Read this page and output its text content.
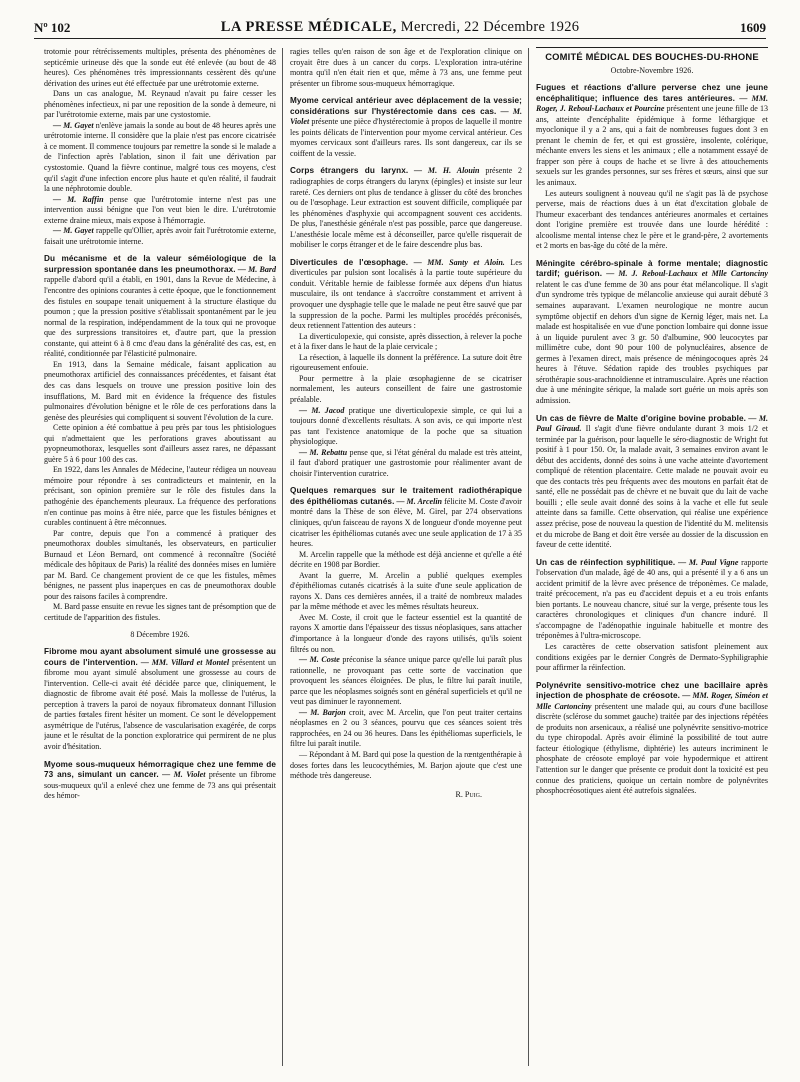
Nº 102	LA PRESSE MÉDICALE, Mercredi, 22 Décembre 1926	1609

trotomie pour rétrécissements multiples, présenta des phénomènes de septicémie urineuse dès que la sonde eut été enlevée (au bout de 48 heures). Ces phénomènes très impressionnants cessèrent dès qu'une dérivation des urines eut été effectuée par une urétrotomie externe.

Dans un cas analogue, M. Reynaud n'avait pu faire cesser les phénomènes infectieux, ni par une reposition de la sonde à demeure, ni par l'urétrotomie externe, mais par une cystostomie.

— M. Gayet n'enlève jamais la sonde au bout de 48 heures après une urétrotomie interne. Il considère que la plaie n'est pas encore cicatrisée à ce moment. Il commence toujours par remettre la sonde si le malade a de l'infection après l'ablation, sinon il fait une dérivation par cystostomie. Quand la fièvre continue, malgré tous ces moyens, c'est qu'il s'agit d'une infection encore plus haute et qu'en réalité, il faudrait la une néphrotomie double.

— M. Raffin pense que l'urétrotomie interne n'est pas une intervention aussi bénigne que l'on veut bien le dire. L'urétrotomie externe draine mieux, mais expose à l'hémorragie.

— M. Gayet rappelle qu'Ollier, après avoir fait l'urétrotomie externe, faisait une urétrotomie interne.

Du mécanisme et de la valeur séméiologique de la surpression spontanée dans les pneumothorax. — M. Bard rappelle d'abord qu'il a établi, en 1901, dans la Revue de Médecine, à l'encontre des opinions courantes à cette époque, que le fonctionnement des fistules en soupape tenait uniquement à la structure élastique du poumon ; que la pression positive s'établissait spontanément par le jeu normal de la respiration, indépendamment de la toux qui ne provoque que des surpressions transitoires et, d'autre part, que la pression constante, qui atteint 6 à 8 cmc d'eau dans la généralité des cas, est, en réalité, conditionnée par l'élasticité pulmonaire.

En 1913, dans la Semaine médicale, faisant application au pneumothorax artificiel des connaissances précédentes, et faisant état des cas dans lesquels on trouve une pression positive loin des insufflations, M. Bard mit en évidence la fréquence des fistules pulmonaires d'évolution bénigne et le rôle de ces perforations dans la genèse des pleurésies qui compliquent si souvent l'évolution de la cure.

Cette opinion a été combattue à peu près par tous les phtisiologues qui n'admettaient que les perforations graves aboutissant au pyopneumothorax, lesquelles sont d'ailleurs assez rares, ne dépassant guère 5 à 6 pour 100 des cas.

En 1922, dans les Annales de Médecine, l'auteur rédigea un nouveau mémoire pour répondre à ses contradicteurs et maintenir, en la précisant, son opinion première sur le rôle des fistules dans la pathogénie des épanchements pleuraux. La fréquence des perforations n'en continue pas moins à être niée, parce que les fistules bénignes et curables continuent à être méconnues.

Par contre, depuis que l'on a commencé à pratiquer des pneumothorax doubles simultanés, les observateurs, en particulier Burnaud et Léon Bernard, ont commencé à reconnaître (Société médicale des hôpitaux de Paris) la réalité des données mises en lumière par M. Bard. Ce changement provient de ce que les fistules, mêmes bénignes, ne passent plus inaperçues en cas de pneumothorax double pour des raisons faciles à comprendre.

M. Bard passe ensuite en revue les signes tant de présomption que de certitude de l'apparition des fistules.

8 Décembre 1926.

Fibrome mou ayant absolument simulé une grossesse au cours de l'intervention. — MM. Villard et Montel présentent un fibrome mou ayant simulé absolument une grossesse au cours de l'intervention. Celle-ci avait été décidée parce que, cliniquement, le diagnostic de fibrome avait été posé. Mais la mollesse de l'utérus, la perception à travers la paroi de noyaux fibromateux donnant l'illusion de parties fœtales firent hésiter un moment. Ce sont le développement asymétrique de l'utérus, l'absence de vascularisation exagérée, de corps jaune et le résultat de la ponction exploratrice qui permirent de ne plus avoir d'hésitation.

Myome sous-muqueux hémorragique chez une femme de 73 ans, simulant un cancer. — M. Violet présente un fibrome sous-muqueux qu'il a enlevé chez une femme de 73 ans qui présentait des hémor-

ragies telles qu'en raison de son âge et de l'exploration clinique on croyait être dues à un cancer du corps. L'exploration intra-utérine montra qu'il n'en était rien et que, même à 73 ans, une femme peut présenter un fibrome sous-muqueux hémorragique.

Myome cervical antérieur avec déplacement de la vessie; considérations sur l'hystérectomie dans ces cas. — M. Violet présente une pièce d'hystérectomie à propos de laquelle il montre les points délicats de l'intervention pour myome cervical antérieur. Ces myomes cervicaux sont d'ailleurs rares. Ils sont dangereux, car ils se coiffent de la vessie.

Corps étrangers du larynx. — M. H. Alouin présente 2 radiographies de corps étrangers du larynx (épingles) et insiste sur leur rareté. Ces derniers ont plus de tendance à glisser du côté des bronches ou de l'œsophage. Leur extraction est souvent difficile, compliquée par les phénomènes d'asphyxie qui accompagnent souvent ces accidents. De plus, l'anesthésie générale n'est pas possible, parce que dangereuse. L'anesthésie locale même est à déconseiller, parce qu'elle risquerait de mobiliser le corps étranger et de le faire descendre plus bas.

Diverticules de l'œsophage. — MM. Santy et Aloin. Les diverticules par pulsion sont localisés à la partie toute supérieure du conduit. Véritable hernie de faiblesse formée aux dépens d'un hiatus musculaire, ils ont tendance à s'accroître constamment et arrivent à provoquer une dysphagie telle que le malade ne peut être sauvé que par la suppression de la poche. Parmi les multiples procédés préconisés, deux retiennent l'attention des auteurs :

La diverticulopexie, qui consiste, après dissection, à relever la poche et à la fixer dans le haut de la plaie cervicale ;

La résection, à laquelle ils donnent la préférence. La suture doit être rigoureusement enfouie.

Pour permettre à la plaie œsophagienne de se cicatriser normalement, les auteurs conseillent de faire une gastrostomie préalable.

— M. Jacod pratique une diverticulopexie simple, ce qui lui a toujours donné d'excellents résultats. A son avis, ce qui importe n'est pas tant l'existence anatomique de la poche que sa situation physiologique.

— M. Rebattu pense que, si l'état général du malade est très atteint, il faut d'abord pratiquer une gastrostomie pour réalimenter avant de choisir l'intervention curatrice.

Quelques remarques sur le traitement radiothérapique des épithéliomas cutanés. — M. Arcelin félicite M. Coste d'avoir montré dans la Thèse de son élève, M. Girel, par 274 observations cliniques, qu'un faisceau de rayons X de longueur d'onde moyenne peut cicatriser les épithéliomas cutanés avec une seule application de 17 à 35 heures.

M. Arcelin rappelle que la méthode est déjà ancienne et qu'elle a été décrite en 1908 par Bordier.

Avant la guerre, M. Arcelin a publié quelques exemples d'épithéliomas cutanés cicatrisés à la suite d'une seule application de rayons X. Dans ces dernières années, il a traité de nombreux malades par la même méthode et avec les mêmes résultats heureux.

Avec M. Coste, il croit que le facteur essentiel est la quantité de rayons X amortie dans l'épaisseur des tissus néoplasiques, sans attacher d'importance à la longueur d'onde des rayons utilisés, qu'ils soient filtrés ou non.

— M. Coste préconise la séance unique parce qu'elle lui paraît plus rationnelle, ne provoquant pas cette sorte de vaccination que provoquent les séances éloignées. De plus, le filtre lui paraît inutile, parce que les néoplasmes soignés sont en général superficiels et qu'il ne veut pas diminuer le rayonnement.

— M. Barjon croit, avec M. Arcelin, que l'on peut traiter certains néoplasmes en 2 ou 3 séances, pourvu que ces séances soient très rapprochées, en 24 ou 36 heures. Dans les épithéliomas superficiels, le filtre lui paraît inutile.

— Répondant à M. Bard qui pose la question de la rœntgenthérapie à doses fortes dans les leucocythémies, M. Barjon ajoute que c'est une méthode très dangereuse.

R. Puig.

COMITÉ MÉDICAL DES BOUCHES-DU-RHONE

Octobre-Novembre 1926.

Fugues et réactions d'allure perverse chez une jeune encéphalitique; influence des tares antérieures. — MM. Roger, J. Reboul-Lachaux et Pourcine présentent une jeune fille de 13 ans, atteinte d'encéphalite épidémique à forme léthargique et myoclonique il y a 2 ans, qui a fait de nombreuses fugues dont 3 en prenant le chemin de fer, et qui est grossière, insolente, colérique, méchante envers les siens et les animaux ; elle a notamment essayé de frapper son père à coups de hache et se livre à des attouchements sexuels sur les grandes personnes, sur ses frères et sœurs, ainsi que sur les animaux.

Les auteurs soulignent à nouveau qu'il ne s'agit pas là de psychose perverse, mais de réactions dues à un état d'excitation globale de l'humeur exacerbant des tendances antérieures anormales et certaines dont l'origine première est trouvée dans une lourde hérédité : alcoolisme mental intense chez le père et le grand-père, 2 avortements et 2 morts en bas-âge du côté de la mère.

Méningite cérébro-spinale à forme mentale; diagnostic tardif; guérison. — M. J. Reboul-Lachaux et Mlle Cartonciny relatent le cas d'une femme de 30 ans pour état mélancolique. Il s'agit d'un syndrome très typique de mélancolie anxieuse qui aurait débuté 3 semaines auparavant. L'examen neurologique ne montre aucun symptôme objectif en dehors d'un signe de Kernig léger, mais net. La malade est hospitalisée en vue d'une ponction lombaire qui donne issue à un liquide purulent avec 3 gr. 50 d'albumine, 900 leucocytes par millimètre cube, dont 90 pour 100 de polynucléaires, absence de germes à l'examen direct, mais présence de méningocoques après 24 heures à l'étuve. Sédation rapide des troubles psychiques par sérothérapie sous-arachnoïdienne et intramusculaire. Après une réaction due à une méningite sérique, la malade sort guérie un mois après son admission.

Un cas de fièvre de Malte d'origine bovine probable. — M. Paul Giraud. Il s'agit d'une fièvre ondulante durant 3 mois 1/2 et terminée par la guérison, pour laquelle le séro-diagnostic de Wright fut positif à 1 pour 150. Or, la malade avait, 3 semaines environ avant le début des accidents, donné des soins à une vache atteinte d'avortement compliqué de rétention placentaire. Cette malade ne pouvait avoir eu que des contacts très peu fréquents avec des moutons en parfait état de santé, elle ne possédait pas de chèvre et ne buvait que du lait de vache bouilli ; elle seule avait donné des soins à la vache et elle fut seule atteinte dans sa famille. Cette observation, qui réalise une expérience assez précise, pose de nouveau la question de l'identité du M. melitensis et du microbe de Bang et doit être versée au dossier de la discussion en faveur de cette identité.

Un cas de réinfection syphilitique. — M. Paul Vigne rapporte l'observation d'un malade, âgé de 40 ans, qui a présenté il y a 6 ans un accident primitif de la lèvre avec présence de tréponèmes. Ce malade, traité précocement, n'a pas eu d'accident depuis et a eu trois enfants bien portants. Le nouveau chancre, situé sur la verge, présente tous les caractères chronologiques et cliniques d'un chancre induré. Il s'accompagne de l'adénopathie inguinale habituelle et montre des tréponèmes à l'ultra-microscope.

Les caractères de cette observation satisfont pleinement aux conditions exigées par le dernier Congrès de Dermato-Syphiligraphie pour affirmer la réinfection.

Polynévrite sensitivo-motrice chez une bacillaire après injection de phosphate de créosote. — MM. Roger, Siméon et Mlle Cartonciny présentent une malade qui, au cours d'une bacillose discrète (sclérose du sommet gauche) traitée par des injections répétées de produits non arsenicaux, a réalisé une polynévrite sensitivo-motrice du type chiropodal. Après avoir éliminé la possibilité de tout autre facteur étiologique (éthylisme, diphtérie) les auteurs incriminent le phosphate de créosote employé par voie hypodermique et attirent l'attention sur le danger que présente ce produit dont la toxicité est peu connue des praticiens, quoique un certain nombre de polynévrites phosphocréosotiques aient été autrefois signalées.
